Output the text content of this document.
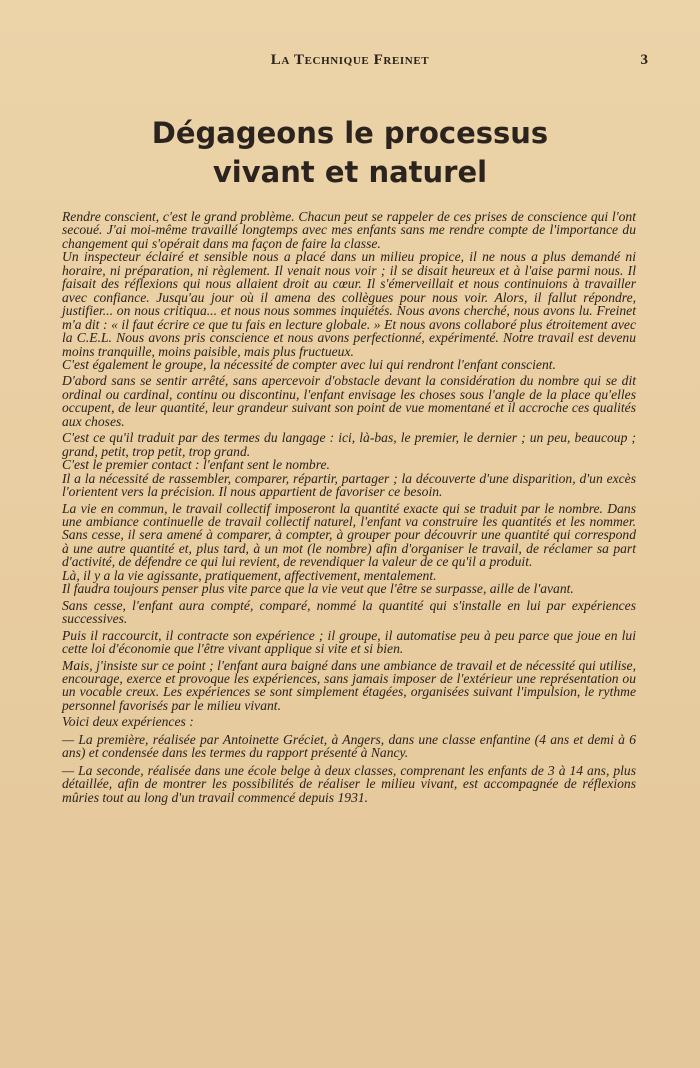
La Technique Freinet	3
Dégageons le processus
vivant et naturel

Rendre conscient, c'est le grand problème. Chacun peut se rappeler de ces prises de conscience qui l'ont secoué. J'ai moi-même travaillé longtemps avec mes enfants sans me rendre compte de l'importance du changement qui s'opérait dans ma façon de faire la classe.

Un inspecteur éclairé et sensible nous a placé dans un milieu propice, il ne nous a plus demandé ni horaire, ni préparation, ni règlement. Il venait nous voir ; il se disait heureux et à l'aise parmi nous. Il faisait des réflexions qui nous allaient droit au cœur. Il s'émerveillait et nous continuions à travailler avec confiance. Jusqu'au jour où il amena des collègues pour nous voir. Alors, il fallut répondre, justifier... on nous critiqua... et nous nous sommes inquiétés. Nous avons cherché, nous avons lu. Freinet m'a dit : « il faut écrire ce que tu fais en lecture globale. » Et nous avons collaboré plus étroitement avec la C.E.L. Nous avons pris conscience et nous avons perfectionné, expérimenté. Notre travail est devenu moins tranquille, moins paisible, mais plus fructueux.

C'est également le groupe, la nécessité de compter avec lui qui rendront l'enfant conscient.

D'abord sans se sentir arrêté, sans apercevoir d'obstacle devant la considération du nombre qui se dit ordinal ou cardinal, continu ou discontinu, l'enfant envisage les choses sous l'angle de la place qu'elles occupent, de leur quantité, leur grandeur suivant son point de vue momentané et il accroche ces qualités aux choses.

C'est ce qu'il traduit par des termes du langage : ici, là-bas, le premier, le dernier ; un peu, beaucoup ; grand, petit, trop petit, trop grand.

C'est le premier contact : l'enfant sent le nombre.

Il a la nécessité de rassembler, comparer, répartir, partager ; la découverte d'une disparition, d'un excès l'orientent vers la précision. Il nous appartient de favoriser ce besoin.

La vie en commun, le travail collectif imposeront la quantité exacte qui se traduit par le nombre. Dans une ambiance continuelle de travail collectif naturel, l'enfant va construire les quantités et les nommer. Sans cesse, il sera amené à comparer, à compter, à grouper pour découvrir une quantité qui correspond à une autre quantité et, plus tard, à un mot (le nombre) afin d'organiser le travail, de réclamer sa part d'activité, de défendre ce qui lui revient, de revendiquer la valeur de ce qu'il a produit.

Là, il y a la vie agissante, pratiquement, affectivement, mentalement.

Il faudra toujours penser plus vite parce que la vie veut que l'être se surpasse, aille de l'avant.

Sans cesse, l'enfant aura compté, comparé, nommé la quantité qui s'installe en lui par expériences successives.

Puis il raccourcit, il contracte son expérience ; il groupe, il automatise peu à peu parce que joue en lui cette loi d'économie que l'être vivant applique si vite et si bien.

Mais, j'insiste sur ce point ; l'enfant aura baigné dans une ambiance de travail et de nécessité qui utilise, encourage, exerce et provoque les expériences, sans jamais imposer de l'extérieur une représentation ou un vocable creux. Les expériences se sont simplement étagées, organisées suivant l'impulsion, le rythme personnel favorisés par le milieu vivant.

Voici deux expériences :

— La première, réalisée par Antoinette Gréciet, à Angers, dans une classe enfantine (4 ans et demi à 6 ans) et condensée dans les termes du rapport présenté à Nancy.
— La seconde, réalisée dans une école belge à deux classes, comprenant les enfants de 3 à 14 ans, plus détaillée, afin de montrer les possibilités de réaliser le milieu vivant, est accompagnée de réflexions mûries tout au long d'un travail commencé depuis 1931.
